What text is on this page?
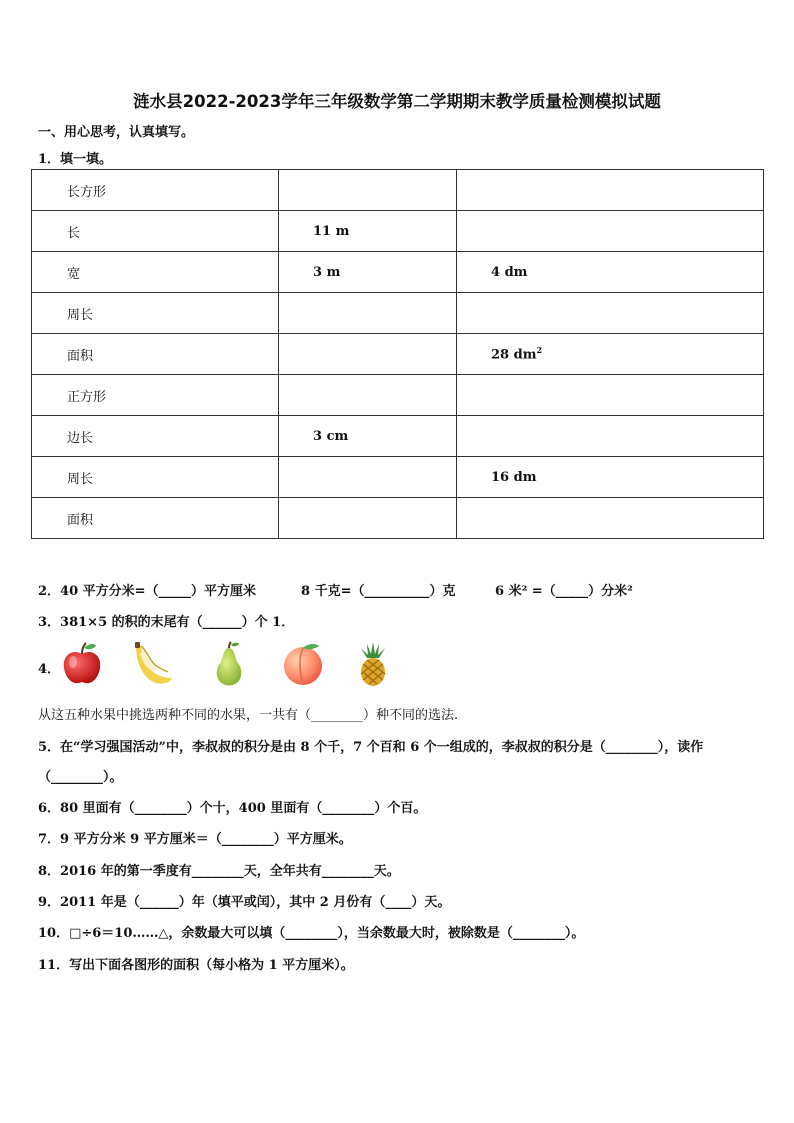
涟水县2022-2023学年三年级数学第二学期期末教学质量检测模拟试题
一、用心思考，认真填写。
1．填一填。
长方形		
长	11 m	
宽	3 m	4 dm
周长		
面积		28 $dm^2$
正方形		
边长	3 cm	
周长		16 dm
面积		
2．40 平方分米=（_____）平方厘米	8 千克=（__________）克	6 米² =（_____）分米²
3．381×5 的积的末尾有（______）个 1．
4．
从这五种水果中挑选两种不同的水果，一共有（________）种不同的选法.
5．在“学习强国活动”中，李叔叔的积分是由 8 个千，7 个百和 6 个一组成的，李叔叔的积分是（________），读作
（________）。
6．80 里面有（________）个十，400 里面有（________）个百。
7．9 平方分米 9 平方厘米＝（________）平方厘米。
8．2016 年的第一季度有________天，全年共有________天。
9．2011 年是（______）年（填平或闰），其中 2 月份有（____）天。
10．□÷6＝10……△，余数最大可以填（________），当余数最大时，被除数是（________）。
11．写出下面各图形的面积（每小格为 1 平方厘米）。
